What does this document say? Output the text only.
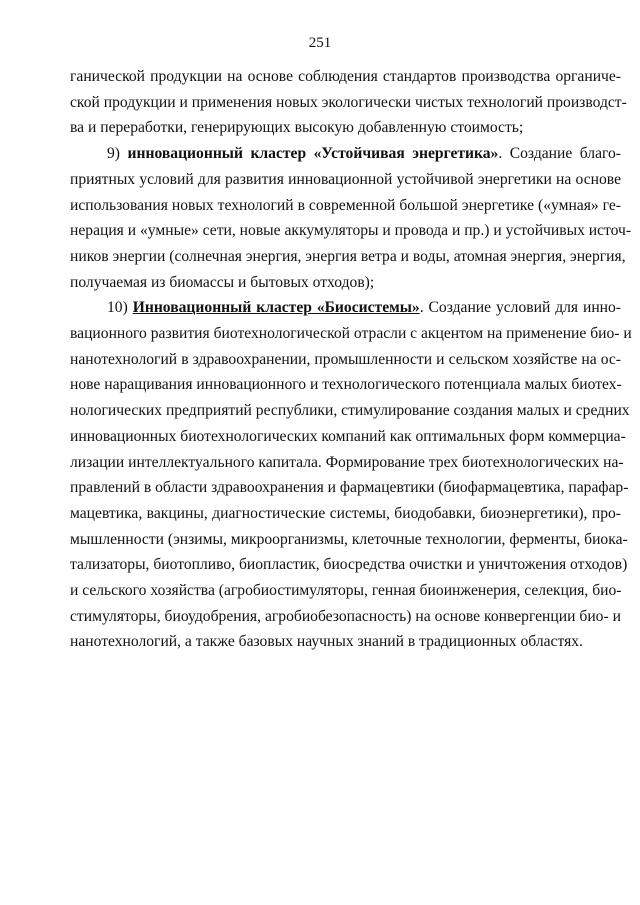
251

ганической продукции на основе соблюдения стандартов производства органиче-
ской продукции и применения новых экологически чистых технологий производст-
ва и переработки, генерирующих высокую добавленную стоимость;

9) инновационный кластер «Устойчивая энергетика». Создание благо-
приятных условий для развития инновационной устойчивой энергетики на основе
использования новых технологий в современной большой энергетике («умная» ге-
нерация и «умные» сети, новые аккумуляторы и провода и пр.) и устойчивых источ-
ников энергии (солнечная энергия, энергия ветра и воды, атомная энергия, энергия,
получаемая из биомассы и бытовых отходов);

10) Инновационный кластер «Биосистемы». Создание условий для инно-
вационного развития биотехнологической отрасли с акцентом на применение био- и
нанотехнологий в здравоохранении, промышленности и сельском хозяйстве на ос-
нове наращивания инновационного и технологического потенциала малых биотех-
нологических предприятий республики, стимулирование создания малых и средних
инновационных биотехнологических компаний как оптимальных форм коммерциа-
лизации интеллектуального капитала. Формирование трех биотехнологических на-
правлений в области здравоохранения и фармацевтики (биофармацевтика, парафар-
мацевтика, вакцины, диагностические системы, биодобавки, биоэнергетики), про-
мышленности (энзимы, микроорганизмы, клеточные технологии, ферменты, биока-
тализаторы, биотопливо, биопластик, биосредства очистки и уничтожения отходов)
и сельского хозяйства (агробиостимуляторы, генная биоинженерия, селекция, био-
стимуляторы, биоудобрения, агробиобезопасность) на основе конвергенции био- и
нанотехнологий, а также базовых научных знаний в традиционных областях.
